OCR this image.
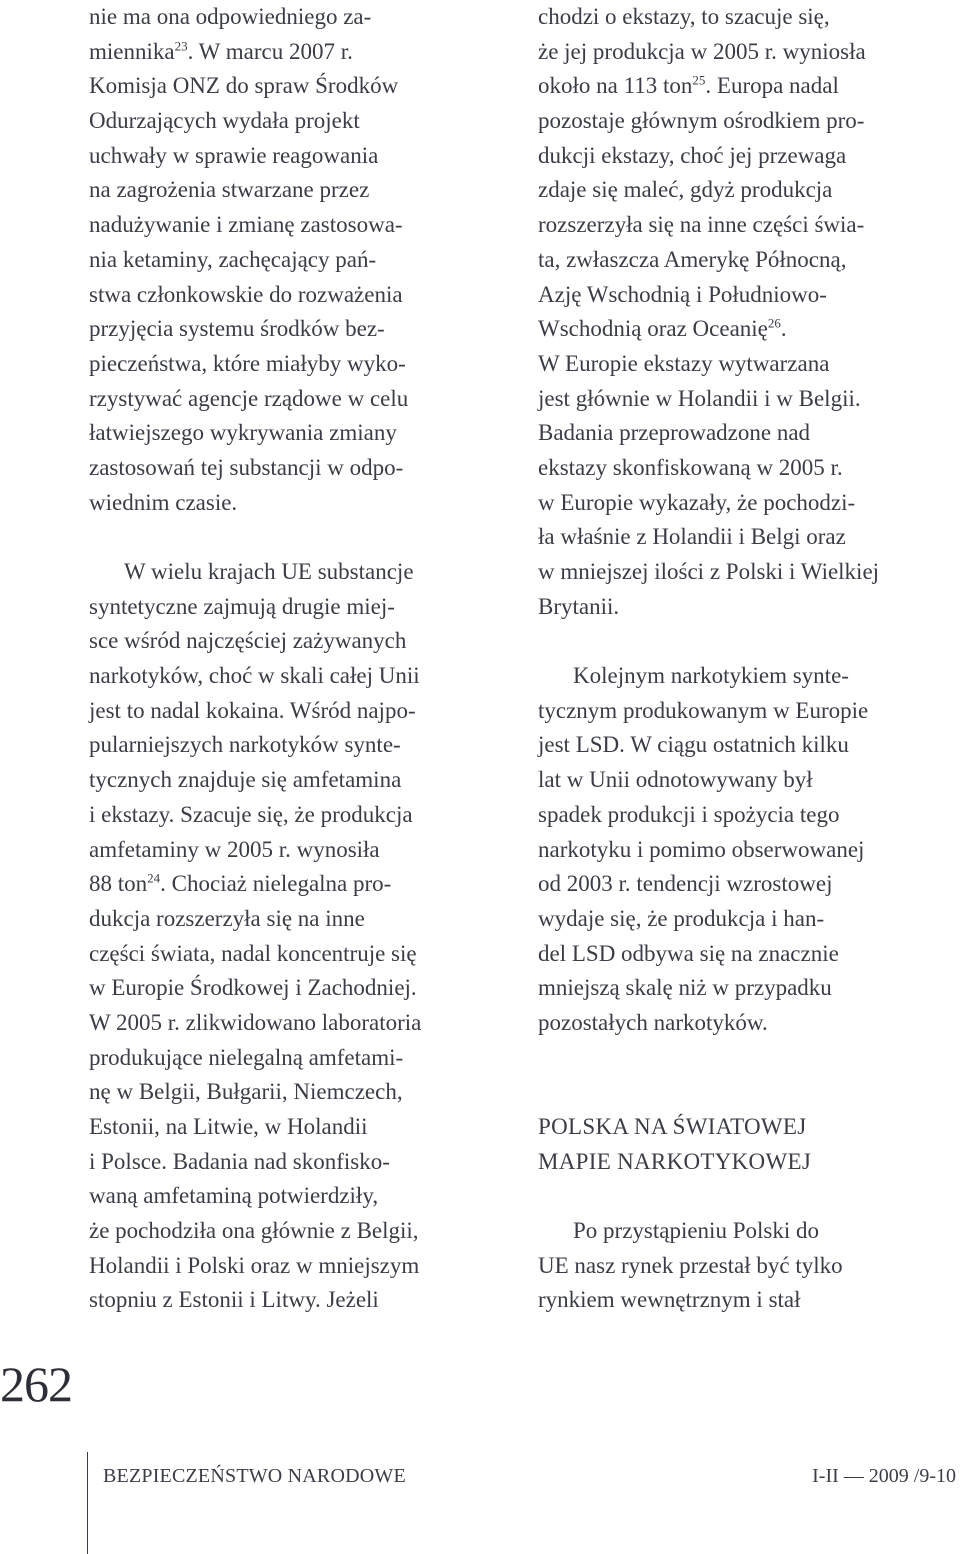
nie ma ona odpowiedniego za-
miennika$^{23}$. W marcu 2007 r.
Komisja ONZ do spraw Środków
Odurzających wydała projekt
uchwały w sprawie reagowania
na zagrożenia stwarzane przez
nadużywanie i zmianę zastosowa-
nia ketaminy, zachęcający pań-
stwa członkowskie do rozważenia
przyjęcia systemu środków bez-
pieczeństwa, które miałyby wyko-
rzystywać agencje rządowe w celu
łatwiejszego wykrywania zmiany
zastosowań tej substancji w odpo-
wiednim czasie.
W wielu krajach UE substancje
syntetyczne zajmują drugie miej-
sce wśród najczęściej zażywanych
narkotyków, choć w skali całej Unii
jest to nadal kokaina. Wśród najpo-
pularniejszych narkotyków synte-
tycznych znajduje się amfetamina
i ekstazy. Szacuje się, że produkcja
amfetaminy w 2005 r. wynosiła
88 ton$^{24}$. Chociaż nielegalna pro-
dukcja rozszerzyła się na inne
części świata, nadal koncentruje się
w Europie Środkowej i Zachodniej.
W 2005 r. zlikwidowano laboratoria
produkujące nielegalną amfetami-
nę w Belgii, Bułgarii, Niemczech,
Estonii, na Litwie, w Holandii
i Polsce. Badania nad skonfisko-
waną amfetaminą potwierdziły,
że pochodziła ona głównie z Belgii,
Holandii i Polski oraz w mniejszym
stopniu z Estonii i Litwy. Jeżeli
chodzi o ekstazy, to szacuje się,
że jej produkcja w 2005 r. wyniosła
około na 113 ton$^{25}$. Europa nadal
pozostaje głównym ośrodkiem pro-
dukcji ekstazy, choć jej przewaga
zdaje się maleć, gdyż produkcja
rozszerzyła się na inne części świa-
ta, zwłaszcza Amerykę Północną,
Azję Wschodnią i Południowo-
Wschodnią oraz Oceanię$^{26}$.
W Europie ekstazy wytwarzana
jest głównie w Holandii i w Belgii.
Badania przeprowadzone nad
ekstazy skonfiskowaną w 2005 r.
w Europie wykazały, że pochodzi-
ła właśnie z Holandii i Belgi oraz
w mniejszej ilości z Polski i Wielkiej
Brytanii.
Kolejnym narkotykiem synte-
tycznym produkowanym w Europie
jest LSD. W ciągu ostatnich kilku
lat w Unii odnotowywany był
spadek produkcji i spożycia tego
narkotyku i pomimo obserwowanej
od 2003 r. tendencji wzrostowej
wydaje się, że produkcja i han-
del LSD odbywa się na znacznie
mniejszą skalę niż w przypadku
pozostałych narkotyków.
POLSKA NA ŚWIATOWEJ
MAPIE NARKOTYKOWEJ
Po przystąpieniu Polski do
UE nasz rynek przestał być tylko
rynkiem wewnętrznym i stał
262
BEZPIECZEŃSTWO NARODOWE	I-II — 2009 /9-10
